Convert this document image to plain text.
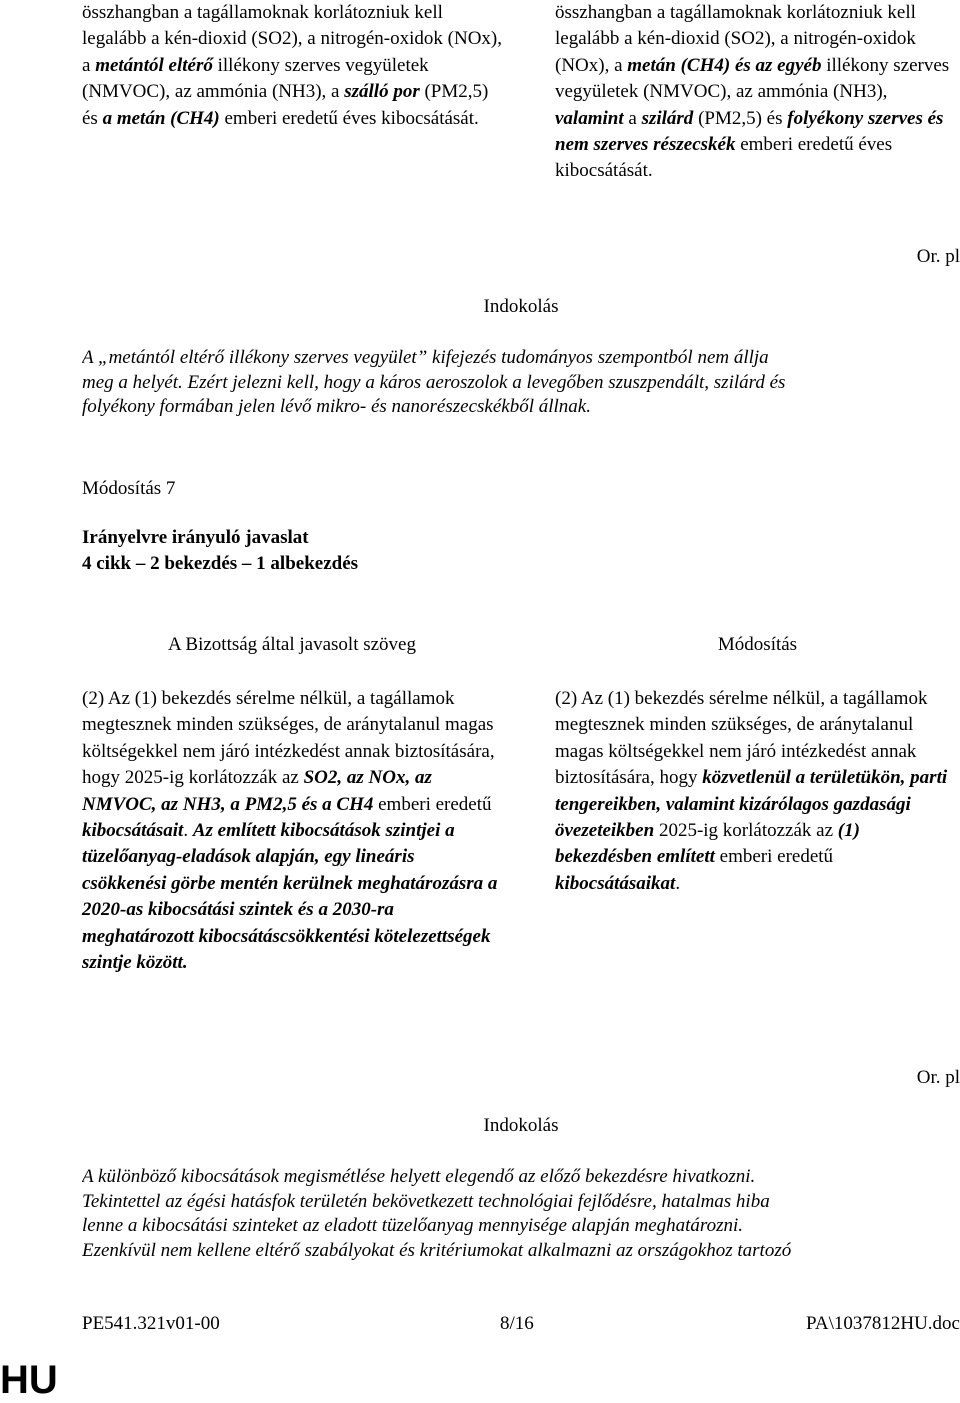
összhangban a tagállamoknak korlátozniuk kell legalább a kén-dioxid (SO2), a nitrogén-oxidok (NOx), a metántól eltérő illékony szerves vegyületek (NMVOC), az ammónia (NH3), a szálló por (PM2,5) és a metán (CH4) emberi eredetű éves kibocsátását.
összhangban a tagállamoknak korlátozniuk kell legalább a kén-dioxid (SO2), a nitrogén-oxidok (NOx), a metán (CH4) és az egyéb illékony szerves vegyületek (NMVOC), az ammónia (NH3), valamint a szilárd (PM2,5) és folyékony szerves és nem szerves részecskék emberi eredetű éves kibocsátását.
Or. pl
Indokolás
A „metántól eltérő illékony szerves vegyület” kifejezés tudományos szempontból nem állja
meg a helyét. Ezért jelezni kell, hogy a káros aeroszolok a levegőben szuszpendált, szilárd és
folyékony formában jelen lévő mikro- és nanorészecskékből állnak.
Módosítás 7
Irányelvre irányuló javaslat
4 cikk – 2 bekezdés – 1 albekezdés
A Bizottság által javasolt szöveg	Módosítás
(2) Az (1) bekezdés sérelme nélkül, a tagállamok megtesznek minden szükséges, de aránytalanul magas költségekkel nem járó intézkedést annak biztosítására, hogy 2025-ig korlátozzák az SO2, az NOx, az NMVOC, az NH3, a PM2,5 és a CH4 emberi eredetű kibocsátásait. Az említett kibocsátások szintjei a tüzelőanyag-eladások alapján, egy lineáris csökkenési görbe mentén kerülnek meghatározásra a 2020-as kibocsátási szintek és a 2030-ra meghatározott kibocsátáscsökkentési kötelezettségek szintje között.
(2) Az (1) bekezdés sérelme nélkül, a tagállamok megtesznek minden szükséges, de aránytalanul magas költségekkel nem járó intézkedést annak biztosítására, hogy közvetlenül a területükön, parti tengereikben, valamint kizárólagos gazdasági övezeteikben 2025-ig korlátozzák az (1) bekezdésben említett emberi eredetű kibocsátásaikat.
Or. pl
Indokolás
A különböző kibocsátások megismétlése helyett elegendő az előző bekezdésre hivatkozni.
Tekintettel az égési hatásfok területén bekövetkezett technológiai fejlődésre, hatalmas hiba
lenne a kibocsátási szinteket az eladott tüzelőanyag mennyisége alapján meghatározni.
Ezenkívül nem kellene eltérő szabályokat és kritériumokat alkalmazni az országokhoz tartozó
PE541.321v01-00	8/16	PA\1037812HU.doc
HU
